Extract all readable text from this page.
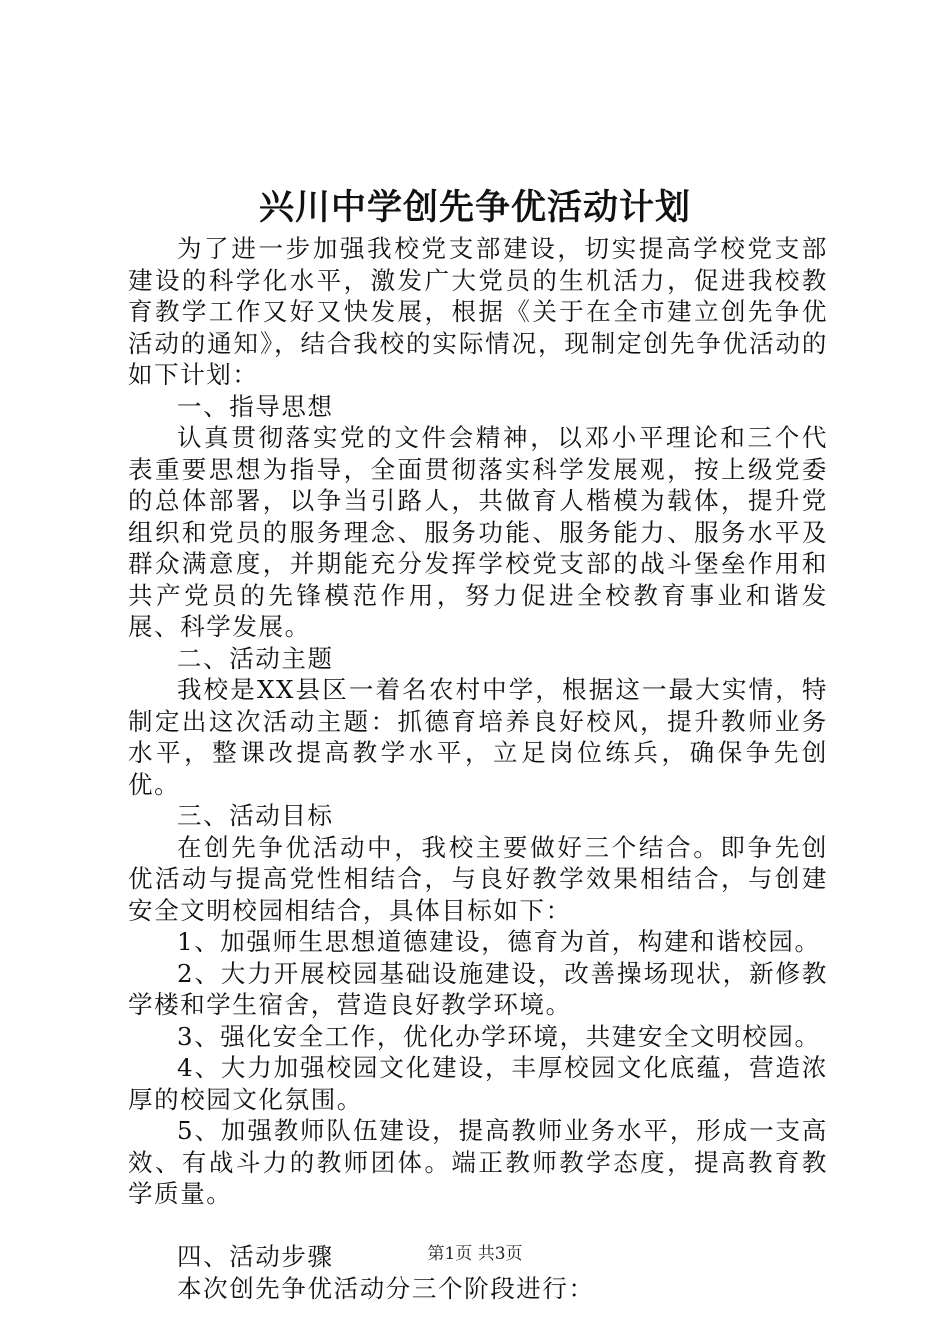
兴川中学创先争优活动计划

为了进一步加强我校党支部建设，切实提高学校党支部建设的科学化水平，激发广大党员的生机活力，促进我校教育教学工作又好又快发展，根据《关于在全市建立创先争优活动的通知》，结合我校的实际情况，现制定创先争优活动的如下计划：

一、指导思想

认真贯彻落实党的文件会精神，以邓小平理论和三个代表重要思想为指导，全面贯彻落实科学发展观，按上级党委的总体部署，以争当引路人，共做育人楷模为载体，提升党组织和党员的服务理念、服务功能、服务能力、服务水平及群众满意度，并期能充分发挥学校党支部的战斗堡垒作用和共产党员的先锋模范作用，努力促进全校教育事业和谐发展、科学发展。

二、活动主题

我校是XX县区一着名农村中学，根据这一最大实情，特制定出这次活动主题：抓德育培养良好校风，提升教师业务水平，整课改提高教学水平，立足岗位练兵，确保争先创优。

三、活动目标

在创先争优活动中，我校主要做好三个结合。即争先创优活动与提高党性相结合，与良好教学效果相结合，与创建安全文明校园相结合，具体目标如下：

1、加强师生思想道德建设，德育为首，构建和谐校园。

2、大力开展校园基础设施建设，改善操场现状，新修教学楼和学生宿舍，营造良好教学环境。

3、强化安全工作，优化办学环境，共建安全文明校园。

4、大力加强校园文化建设，丰厚校园文化底蕴，营造浓厚的校园文化氛围。

5、加强教师队伍建设，提高教师业务水平，形成一支高效、有战斗力的教师团体。端正教师教学态度，提高教育教学质量。

四、活动步骤

本次创先争优活动分三个阶段进行：

第1页 共3页
